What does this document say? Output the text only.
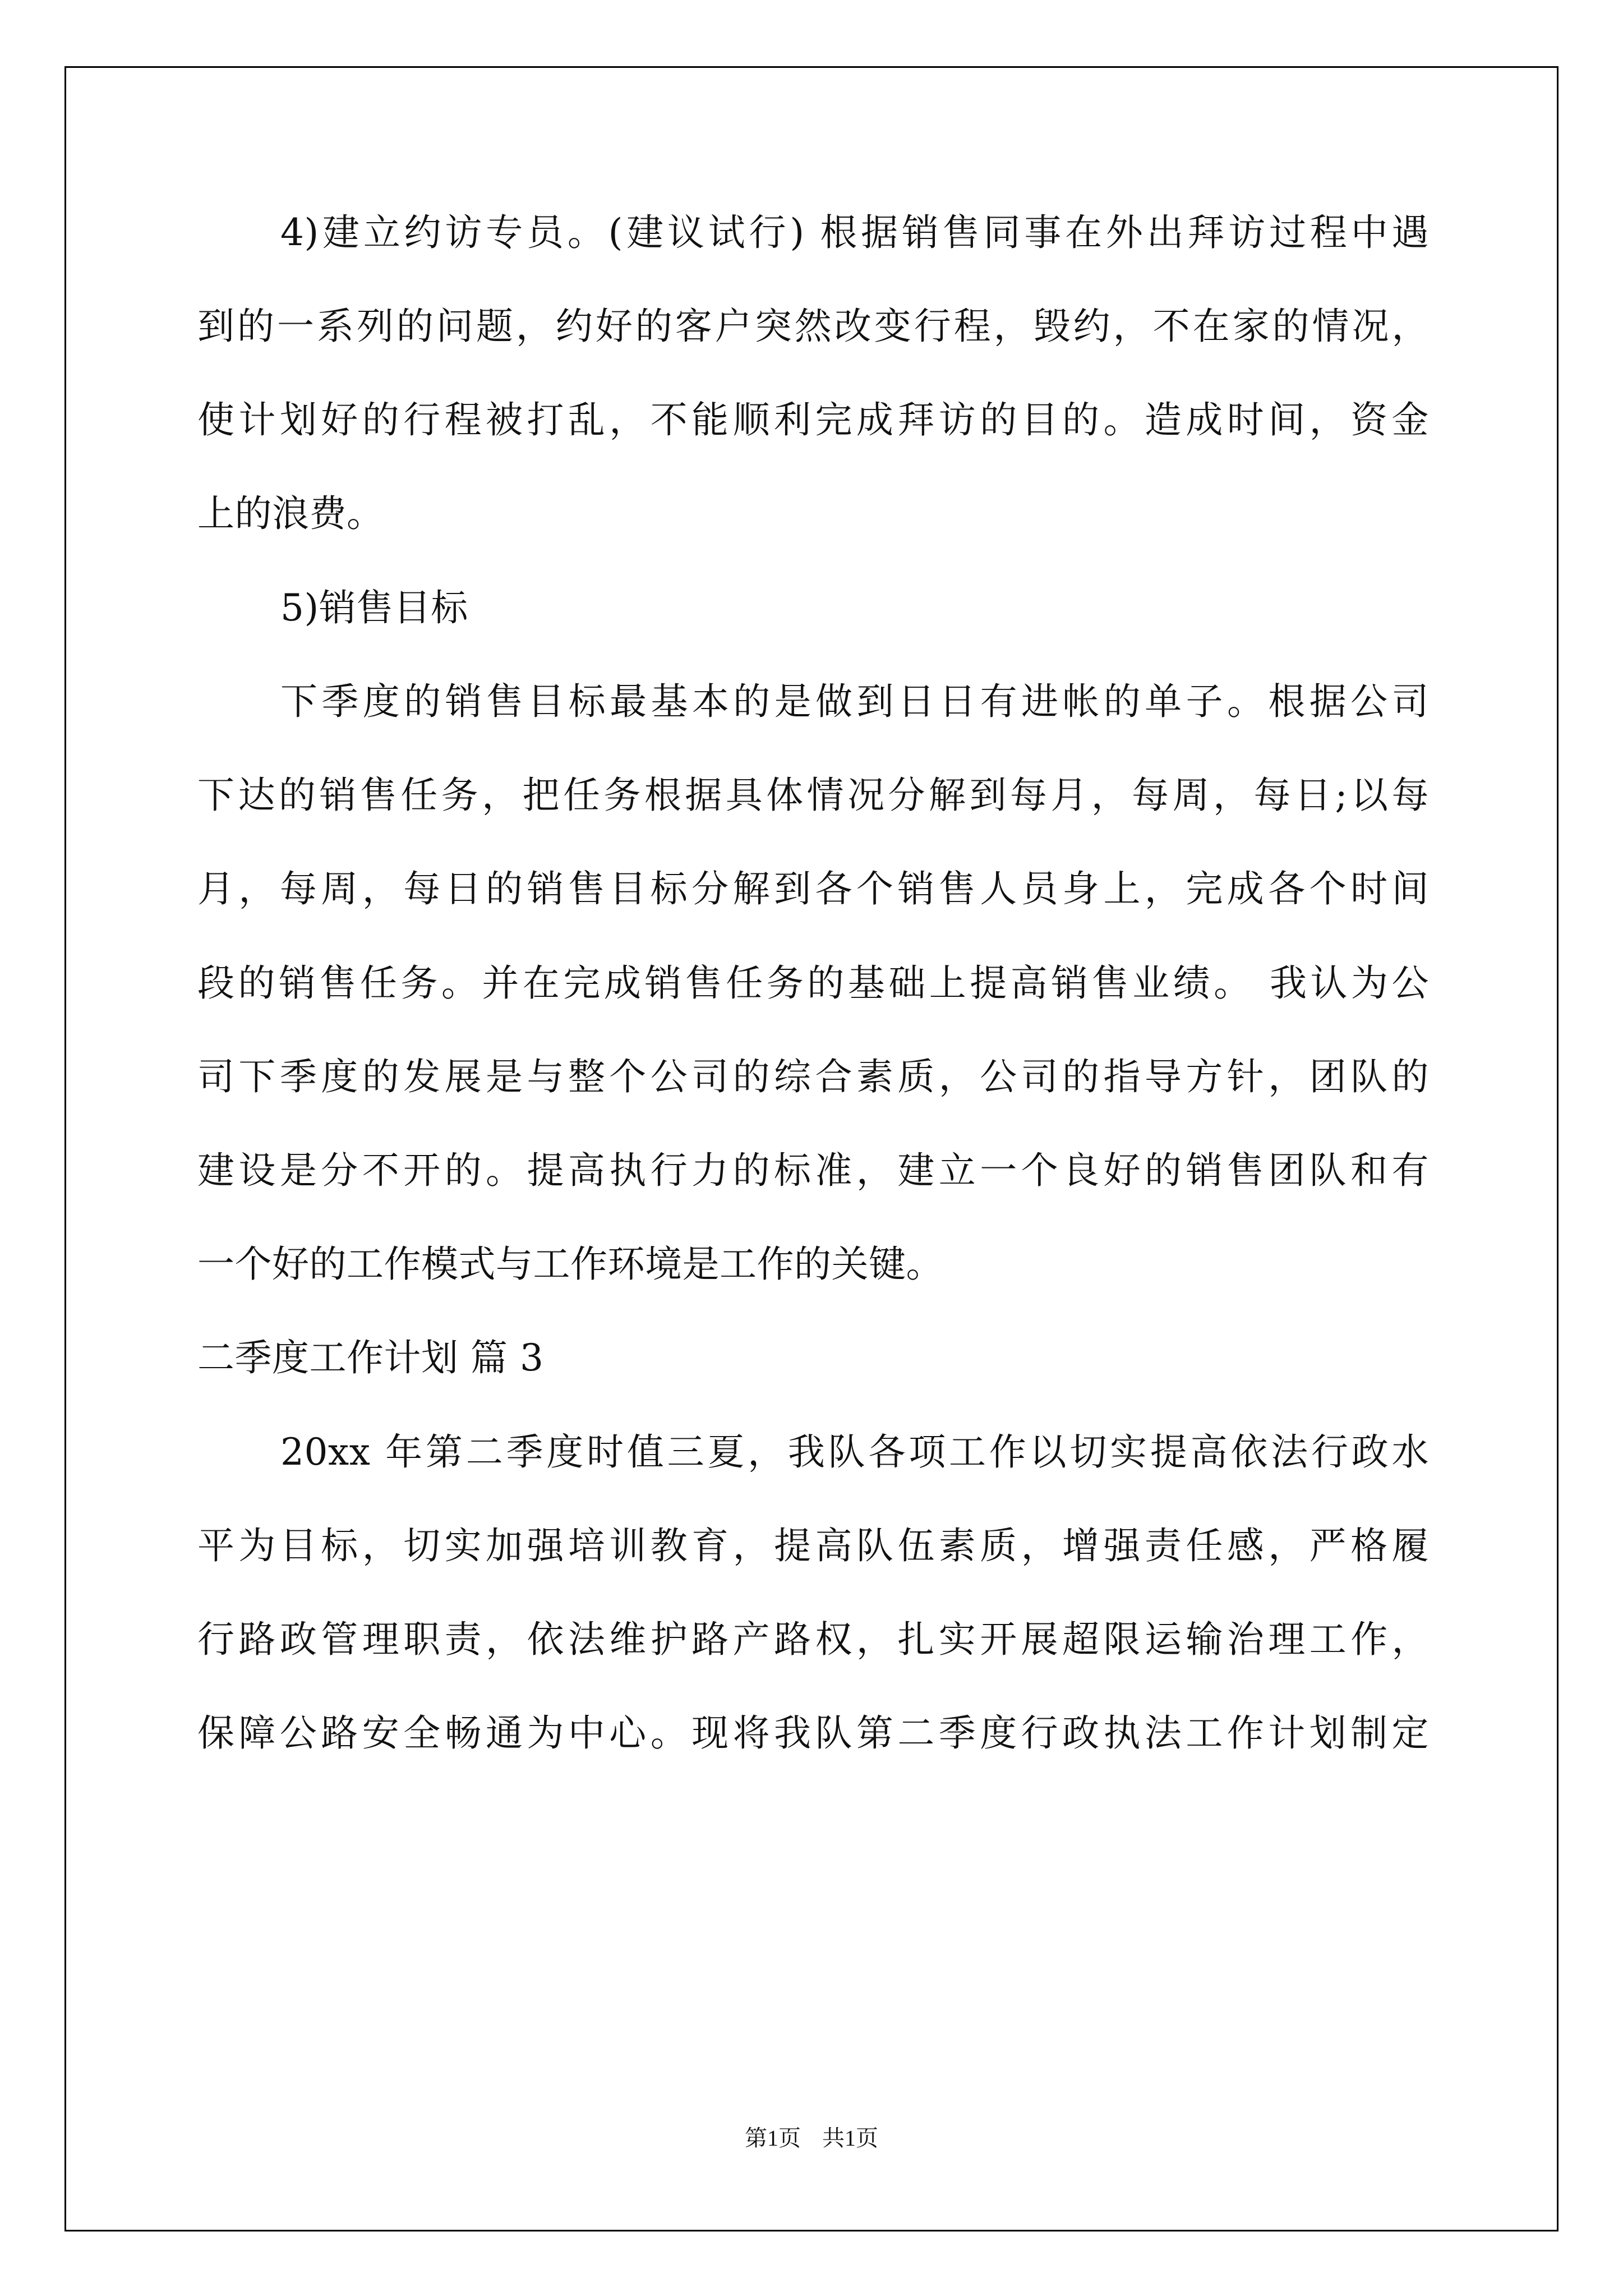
4)建立约访专员。(建议试行) 根据销售同事在外出拜访过程中遇
到的一系列的问题，约好的客户突然改变行程，毁约，不在家的情况，
使计划好的行程被打乱，不能顺利完成拜访的目的。造成时间，资金
上的浪费。
5)销售目标
下季度的销售目标最基本的是做到日日有进帐的单子。根据公司
下达的销售任务，把任务根据具体情况分解到每月，每周，每日;以每
月，每周，每日的销售目标分解到各个销售人员身上，完成各个时间
段的销售任务。并在完成销售任务的基础上提高销售业绩。 我认为公
司下季度的发展是与整个公司的综合素质，公司的指导方针，团队的
建设是分不开的。提高执行力的标准，建立一个良好的销售团队和有
一个好的工作模式与工作环境是工作的关键。
二季度工作计划 篇 3
20xx 年第二季度时值三夏，我队各项工作以切实提高依法行政水
平为目标，切实加强培训教育，提高队伍素质，增强责任感，严格履
行路政管理职责，依法维护路产路权，扎实开展超限运输治理工作，
保障公路安全畅通为中心。现将我队第二季度行政执法工作计划制定
第1页 共1页
